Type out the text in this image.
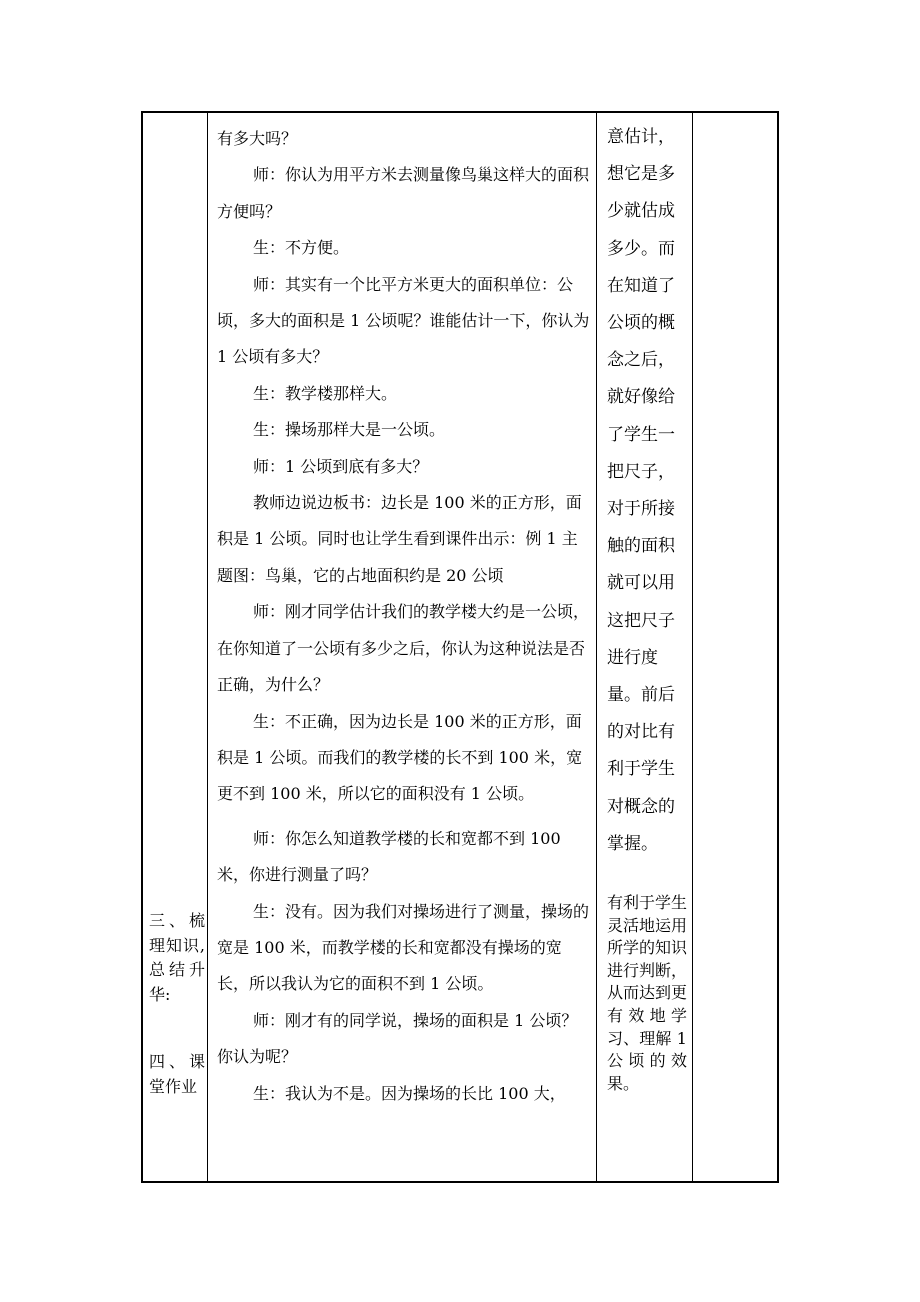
三、梳理知识,总结升华:
四、课堂作业

有多大吗？

师：你认为用平方米去测量像鸟巢这样大的面积方便吗？

生：不方便。

师：其实有一个比平方米更大的面积单位：公顷，多大的面积是 1 公顷呢？谁能估计一下，你认为 1 公顷有多大？

生：教学楼那样大。

生：操场那样大是一公顷。

师：1 公顷到底有多大？

教师边说边板书：边长是 100 米的正方形，面积是 1 公顷。同时也让学生看到课件出示：例 1 主题图：鸟巢，它的占地面积约是 20 公顷

师：刚才同学估计我们的教学楼大约是一公顷，在你知道了一公顷有多少之后，你认为这种说法是否正确，为什么？

生：不正确，因为边长是 100 米的正方形，面积是 1 公顷。而我们的教学楼的长不到 100 米，宽更不到 100 米，所以它的面积没有 1 公顷。

师：你怎么知道教学楼的长和宽都不到 100 米，你进行测量了吗？

生：没有。因为我们对操场进行了测量，操场的宽是 100 米，而教学楼的长和宽都没有操场的宽长，所以我认为它的面积不到 1 公顷。

师：刚才有的同学说，操场的面积是 1 公顷？你认为呢？

生：我认为不是。因为操场的长比 100 大，

意估计，想它是多少就估成多少。而在知道了公顷的概念之后，就好像给了学生一把尺子，对于所接触的面积就可以用这把尺子进行度量。前后的对比有利于学生对概念的掌握。

有利于学生灵活地运用所学的知识进行判断，从而达到更有效地学习、理解 1 公顷的效果。
